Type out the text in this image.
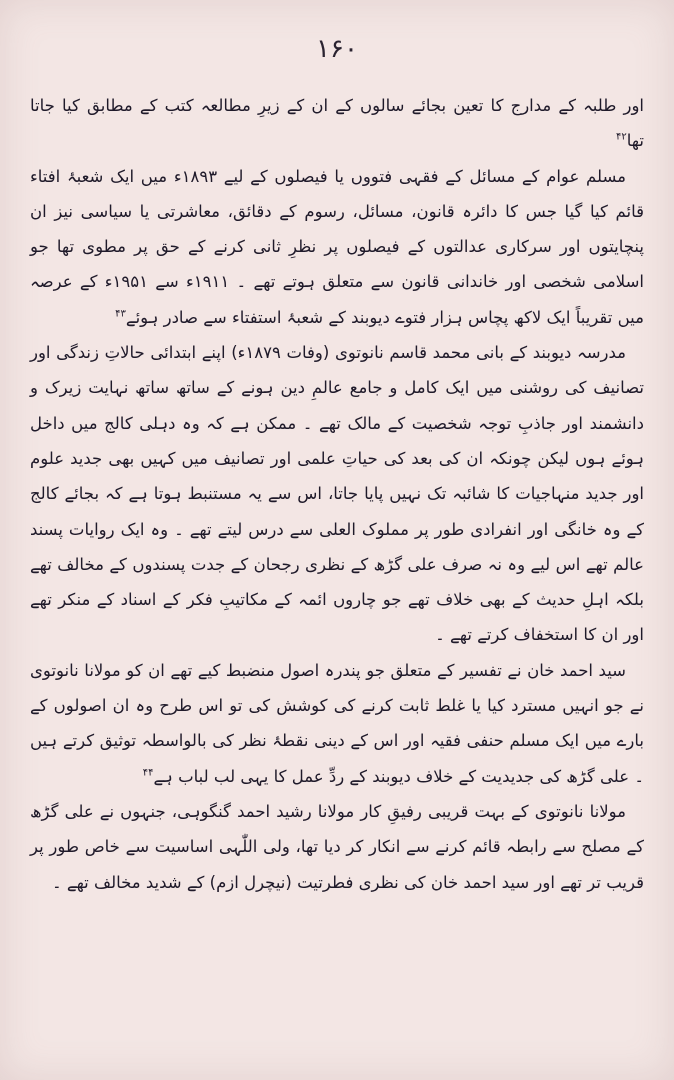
۱۶۰

اور طلبہ کے مدارج کا تعین بجائے سالوں کے ان کے زیرِ مطالعہ کتب کے مطابق کیا جاتا تھا$^{۴۲}$

مسلم عوام کے مسائل کے فقہی فتووں یا فیصلوں کے لیے ۱۸۹۳ء میں ایک شعبۂ افتاء قائم کیا گیا جس کا دائرہ قانون، مسائل، رسوم کے دقائق، معاشرتی یا سیاسی نیز ان پنچایتوں اور سرکاری عدالتوں کے فیصلوں پر نظرِ ثانی کرنے کے حق پر مطوی تھا جو اسلامی شخصی اور خاندانی قانون سے متعلق ہوتے تھے ۔ ۱۹۱۱ء سے ۱۹۵۱ء کے عرصہ میں تقریباً ایک لاکھ پچاس ہزار فتوے دیوبند کے شعبۂ استفتاء سے صادر ہوئے$^{۴۳}$

مدرسہ دیوبند کے بانی محمد قاسم نانوتوی (وفات ۱۸۷۹ء) اپنے ابتدائی حالاتِ زندگی اور تصانیف کی روشنی میں ایک کامل و جامع عالمِ دین ہونے کے ساتھ ساتھ نہایت زیرک و دانشمند اور جاذبِ توجہ شخصیت کے مالک تھے ۔ ممکن ہے کہ وہ دہلی کالج میں داخل ہوئے ہوں لیکن چونکہ ان کی بعد کی حیاتِ علمی اور تصانیف میں کہیں بھی جدید علوم اور جدید منہاجیات کا شائبہ تک نہیں پایا جاتا، اس سے یہ مستنبط ہوتا ہے کہ بجائے کالج کے وہ خانگی اور انفرادی طور پر مملوک العلی سے درس لیتے تھے ۔ وہ ایک روایات پسند عالم تھے اس لیے وہ نہ صرف علی گڑھ کے نظری رجحان کے جدت پسندوں کے مخالف تھے بلکہ اہلِ حدیث کے بھی خلاف تھے جو چاروں ائمہ کے مکاتیبِ فکر کے اسناد کے منکر تھے اور ان کا استخفاف کرتے تھے ۔

سید احمد خان نے تفسیر کے متعلق جو پندرہ اصول منضبط کیے تھے ان کو مولانا نانوتوی نے جو انہیں مسترد کیا یا غلط ثابت کرنے کی کوشش کی تو اس طرح وہ ان اصولوں کے بارے میں ایک مسلم حنفی فقیہ اور اس کے دینی نقطۂ نظر کی بالواسطہ توثیق کرتے ہیں ۔ علی گڑھ کی جدیدیت کے خلاف دیوبند کے ردِّ عمل کا یہی لب لباب ہے$^{۴۴}$

مولانا نانوتوی کے بہت قریبی رفیقِ کار مولانا رشید احمد گنگوہی، جنہوں نے علی گڑھ کے مصلح سے رابطہ قائم کرنے سے انکار کر دیا تھا، ولی اللّٰہی اساسیت سے خاص طور پر قریب تر تھے اور سید احمد خان کی نظری فطرتیت (نیچرل ازم) کے شدید مخالف تھے ۔
